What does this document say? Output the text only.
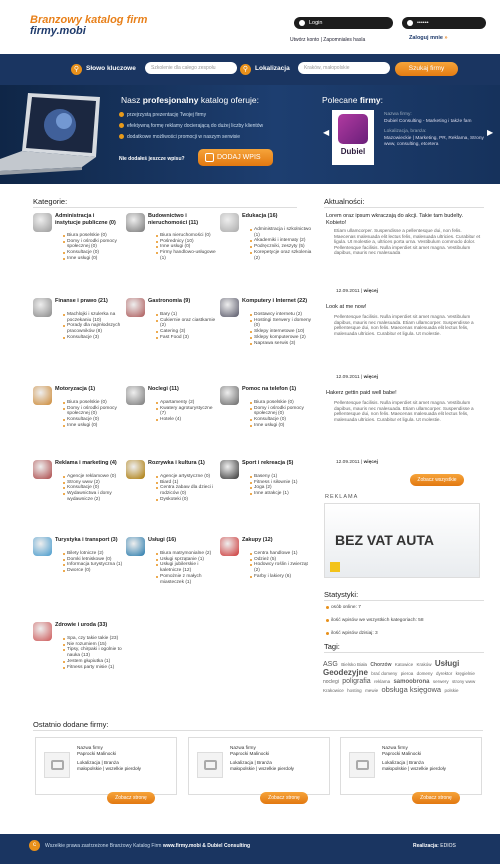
Branzowy katalog firm
firmy.mobi
Login	••••••
Utwórz konto | Zapomniales hasla	Zaloguj mnie »
⚲	Słowo kluczowe	Szkolenie dla całego zespołu	⚲	Lokalizacja	Kraków, małopolskie	Szukaj firmy
Nasz profesjonalny katalog oferuje:
przejrzystą prezentację Twojej firmy
efektywną formę reklamy docierającą do dużej liczby klientów
dodatkowe możliwości promocji w naszym serwisie
Nie dodałeś jeszcze wpisu?	DODAJ WPIS
Polecane firmy:
◀	▶
Dubiel
Nazwa firmy:
Dubiel Consulting - Marketing i także fam
Lokalizacja, branża:
Mazowieckie | Marketing, PR, Reklama, Strony www, consulting, etcetera
Kategorie:
Administracja i instytucje publiczne (0)
Biura poselskie (0)
Domy i ośrodki pomocy społecznej (0)
Konsultacje (0)
Inne usługi (0)
Budownictwo i nieruchomości (11)
Biura nieruchomości (0)
Pośrednicy (10)
Inne usługi (0)
Firmy handlowo-usługowe (1)
Edukacja (16)
Administracja i szkolnictwo (1)
Akademiki i internaty (2)
Podręczniki, zeszyty (5)
Korepetycje oraz szkolenia (2)
Finanse i prawo (21)
Machlojki i szulerka na poczekaniu (10)
Porady dla najmłodszych pracowników (8)
Konsultacje (3)
Gastronomia (9)
Bary (1)
Cukiernie oraz ciastkarnie (2)
Catering (3)
Fast Food (3)
Komputery i Internet (22)
Dostawcy internetu (2)
Hostingi Serwery i domeny (0)
Sklepy internetowe (10)
Sklepy komputerowe (2)
Naprawa serwis (3)
Motoryzacja (1)
Biura poselskie (0)
Domy i ośrodki pomocy społecznej (0)
Konsultacje (0)
Inne usługi (0)
Noclegi (11)
Apartamenty (2)
Kwatery agroturystyczne (7)
Hotele (4)
Pomoc na telefon (1)
Biura poselskie (0)
Domy i ośrodki pomocy społecznej (0)
Konsultacje (0)
Inne usługi (0)
Reklama i marketing (4)
Agencje reklamowe (0)
Strony www (2)
Konsultacje (0)
Wydawnictwa i domy wydawnicze (2)
Rozrywka i kultura (1)
Agencje artystyczne (0)
Biard (1)
Centra zabaw dla dzieci i rodziców (0)
Dyskoteki (0)
Sport i rekreacja (5)
Baseny (1)
Fitness i siłownie (1)
Joga (2)
Inne atrakcje (1)
Turystyka i transport (3)
Bilety lotnicze (2)
Domki letniskowe (0)
Informacja turystyczna (1)
Dworce (0)
Usługi (16)
Biura matrymonialne (2)
Usługi sprzątanie (1)
Usługi jubilerskie i kaletnicze (12)
Pomożnie z małych miasteczek (1)
Zakupy (12)
Centra handlowe (1)
Odzież (5)
Hodowcy roślin i zwierząt (2)
Farby i lakiery (6)
Zdrowie i uroda (33)
Spa, czy takie takie (23)
Nie rozumiem (15)
Tipsy, chirpaki i ogolnie to nauka (13)
Jestem głupiutka (1)
Fitness party misie (1)
Aktualności:
Lorem oraz ipsum wkraczają do akcji. Takie tam budelty. Kobieto!
Etiam ullamcorper. Suspendisse a pellentesque dui, non felis. Maecenas malesuada elit lectus felis, malesuada ultricies. Curabitur et ligula. Ut molestie a, ultrices porta urna. Vestibulum commodo dolor. Pellentesque facilisis. Nulla imperdiet sit amet magna. Vestibulum dapibus, mauris nec malesuada
12.09.2011 | więcej
Look at me now!
Pellentesque facilisis. Nulla imperdiet sit amet magna. Vestibulum dapibus, mauris nec malesuada. Etiam ullamcorper. Suspendisse a pellentesque dui, non felis. Maecenas malesuada elit lectus felis, malesuada ultricies. Curabitur et ligula. Ut molestie.
12.09.2011 | więcej
Hakerz gettin paid well babe!
Pellentesque facilisis. Nulla imperdiet sit amet magna. Vestibulum dapibus, mauris nec malesuada. Etiam ullamcorper. Suspendisse a pellentesque dui, non felis. Maecenas malesuada elit lectus felis, malesuada ultricies. Curabitur et ligula. Ut molestie.
12.09.2011 | więcej
Zobacz wszystkie
REKLAMA
BEZ VAT AUTA
Statystyki:
osób online: 7
ilość wpisów we wszystkich kategoriach: 58
ilość wpisów dzisiaj: 3
Tagi:
ASG Bielsko Biała Chorzów Katowice Kraków Usługi Geodezyjne brać domeny pieroa domeny dyrektor kręgielnie noclegi poligrafia reklama samoobrona serwery strony www Krakowice hosting mewie obsługa księgowa polskie
Ostatnio dodane firmy:
Nazwa firmy
Paprocki Malinocki
Lokalizacja | Branża
małopolskie | wszelkie pierdoły
Zobacz stronę
Nazwa firmy
Paprocki Malinocki
Lokalizacja | Branża
małopolskie | wszelkie pierdoły
Zobacz stronę
Nazwa firmy
Paprocki Malinocki
Lokalizacja | Branża
małopolskie | wszelkie pierdoły
Zobacz stronę
c	Wszelkie prawa zastrzeżone Branżowy Katalog Firm www.firmy.mobi & Dubiel Consulting	Realizacja: EDIOS
